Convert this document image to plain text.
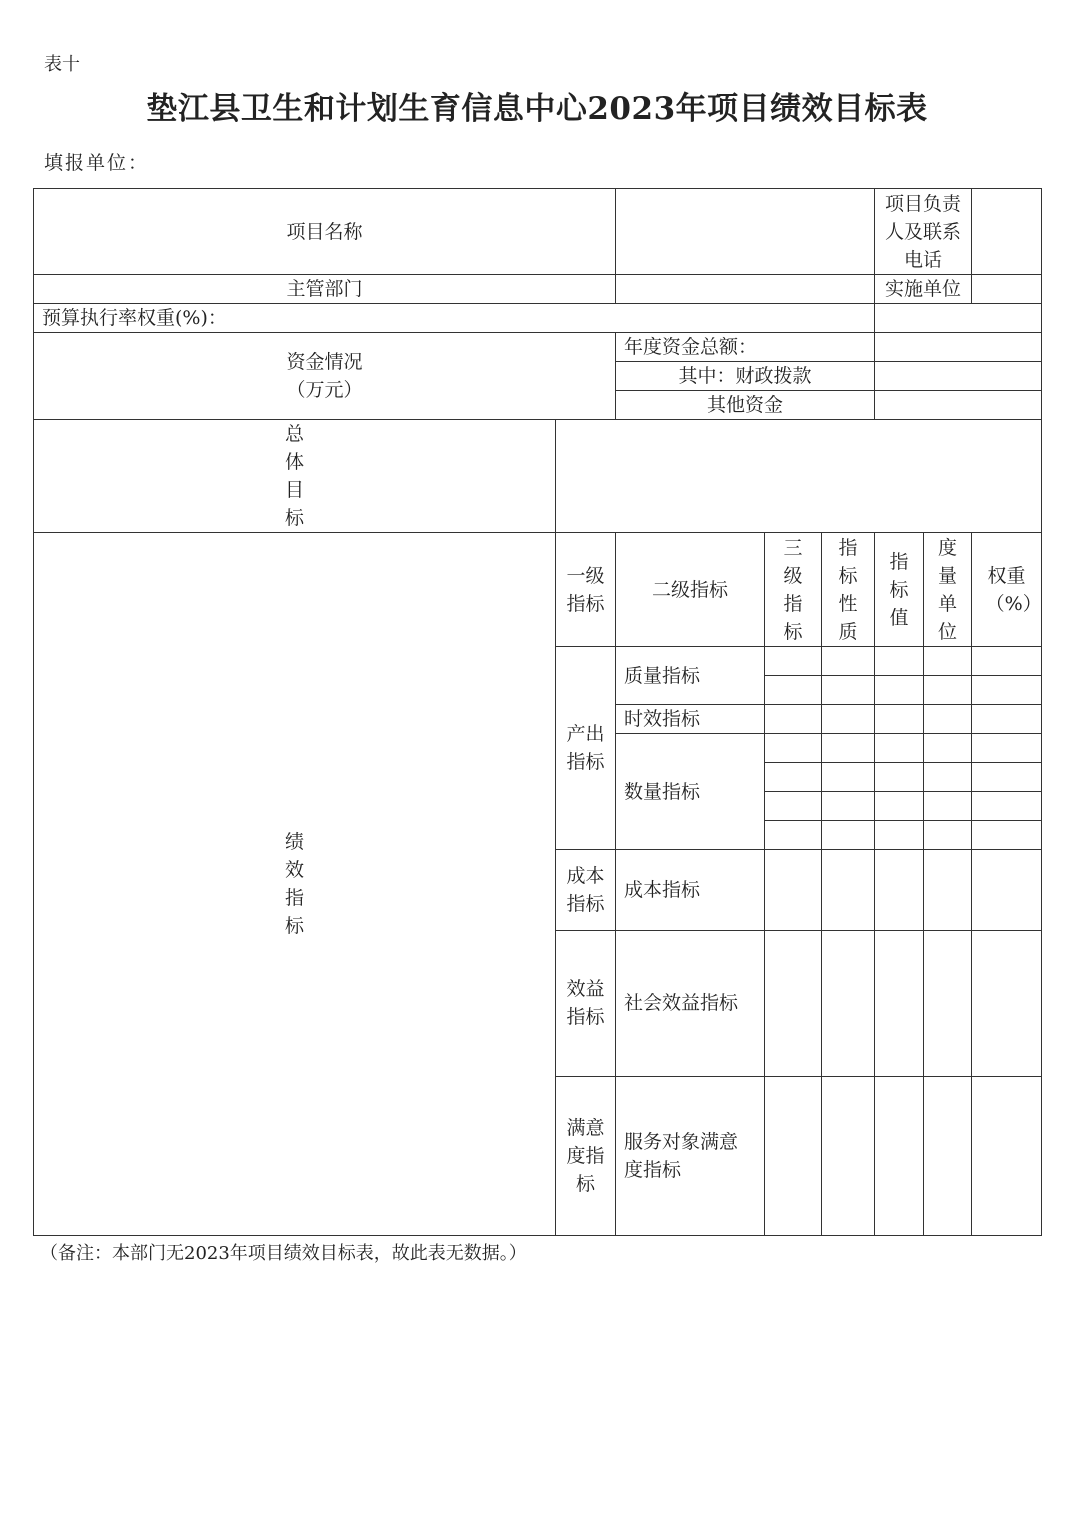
表十
垫江县卫生和计划生育信息中心2023年项目绩效目标表
填报单位：
项目名称					项目负责人及联系电话		
主管部门					实施单位		
预算执行率权重(%)：							

资金情况
（万元）		年度资金总额：					
		其中：财政拨款					
		其他资金					

总体目标							

绩效指标	一级指标	二级指标	三级指标	指标性质	指标值	度量单位	权重（%）

	产出指标	质量指标					

		时效指标					
		数量指标					

	成本指标	成本指标					
	效益指标	社会效益指标					
	满意度指标	服务对象满意度指标					
（备注：本部门无2023年项目绩效目标表，故此表无数据。）
